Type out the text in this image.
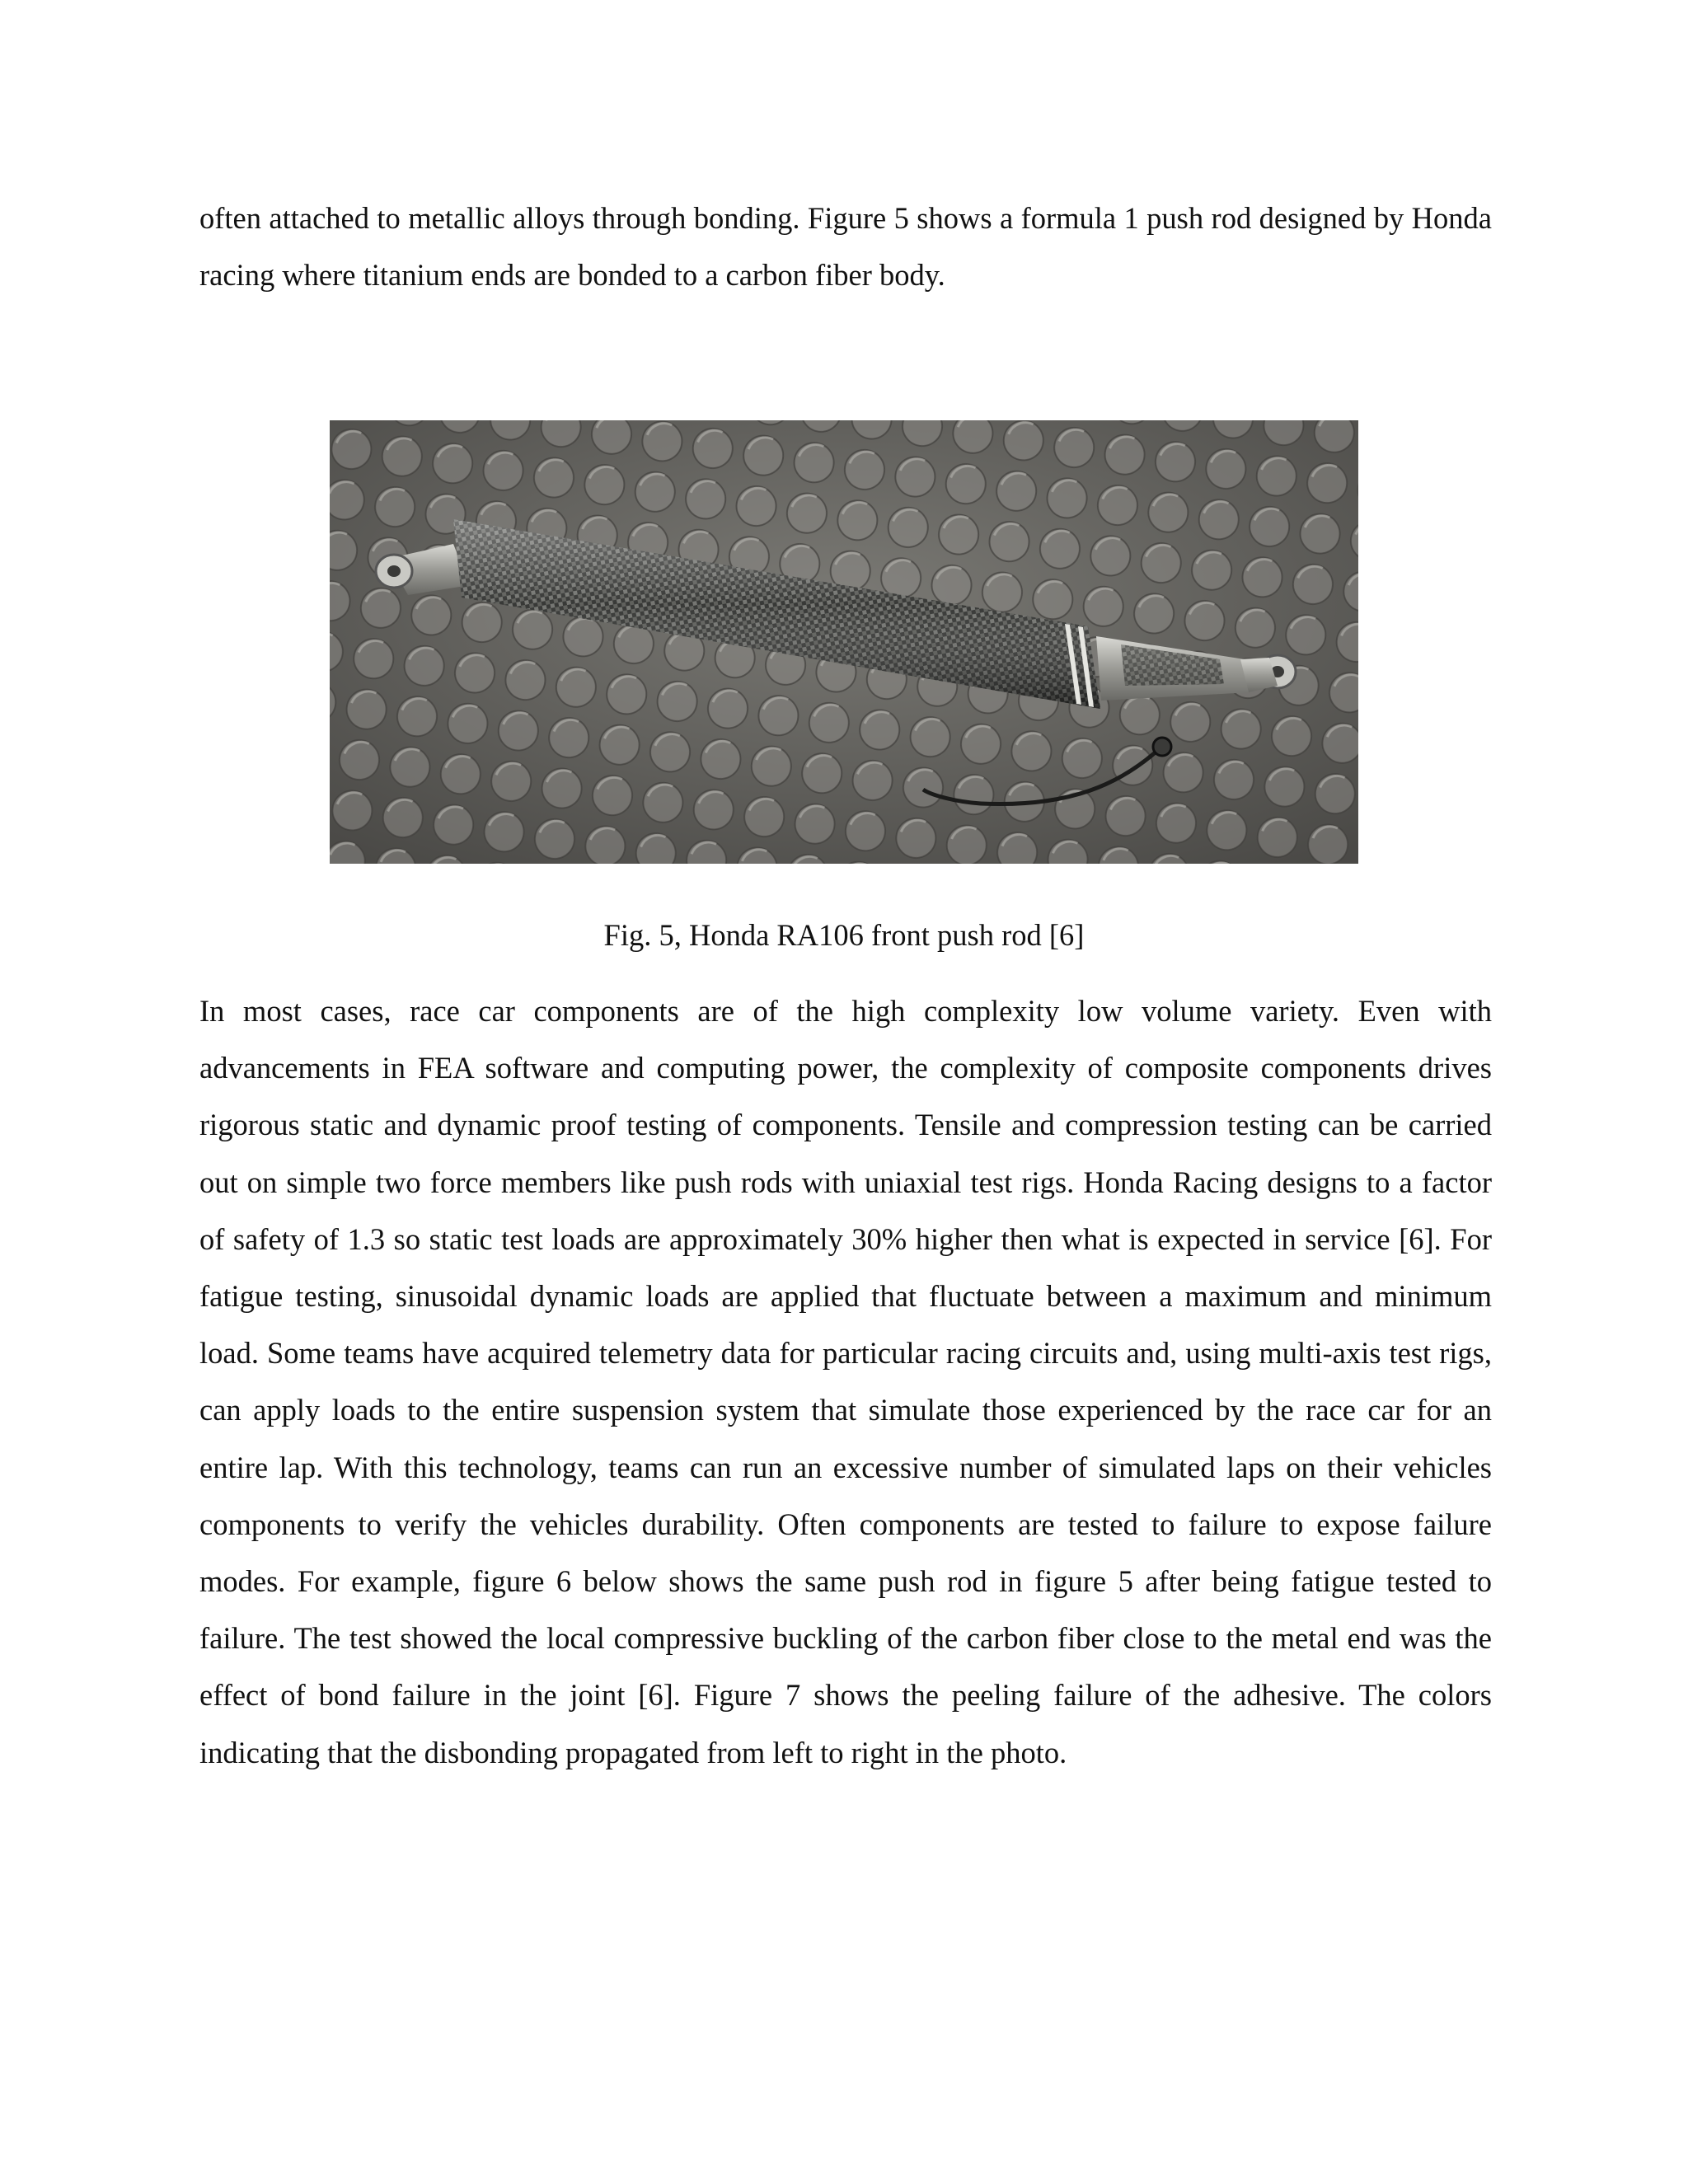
often attached to metallic alloys through bonding. Figure 5 shows a formula 1 push rod designed by Honda racing where titanium ends are bonded to a carbon fiber body.

Fig. 5, Honda RA106 front push rod [6]

In most cases, race car components are of the high complexity low volume variety. Even with advancements in FEA software and computing power, the complexity of composite components drives rigorous static and dynamic proof testing of components. Tensile and compression testing can be carried out on simple two force members like push rods with uniaxial test rigs. Honda Racing designs to a factor of safety of 1.3 so static test loads are approximately 30% higher then what is expected in service [6]. For fatigue testing, sinusoidal dynamic loads are applied that fluctuate between a maximum and minimum load. Some teams have acquired telemetry data for particular racing circuits and, using multi-axis test rigs, can apply loads to the entire suspension system that simulate those experienced by the race car for an entire lap. With this technology, teams can run an excessive number of simulated laps on their vehicles components to verify the vehicles durability. Often components are tested to failure to expose failure modes. For example, figure 6 below shows the same push rod in figure 5 after being fatigue tested to failure. The test showed the local compressive buckling of the carbon fiber close to the metal end was the effect of bond failure in the joint [6]. Figure 7 shows the peeling failure of the adhesive. The colors indicating that the disbonding propagated from left to right in the photo.
